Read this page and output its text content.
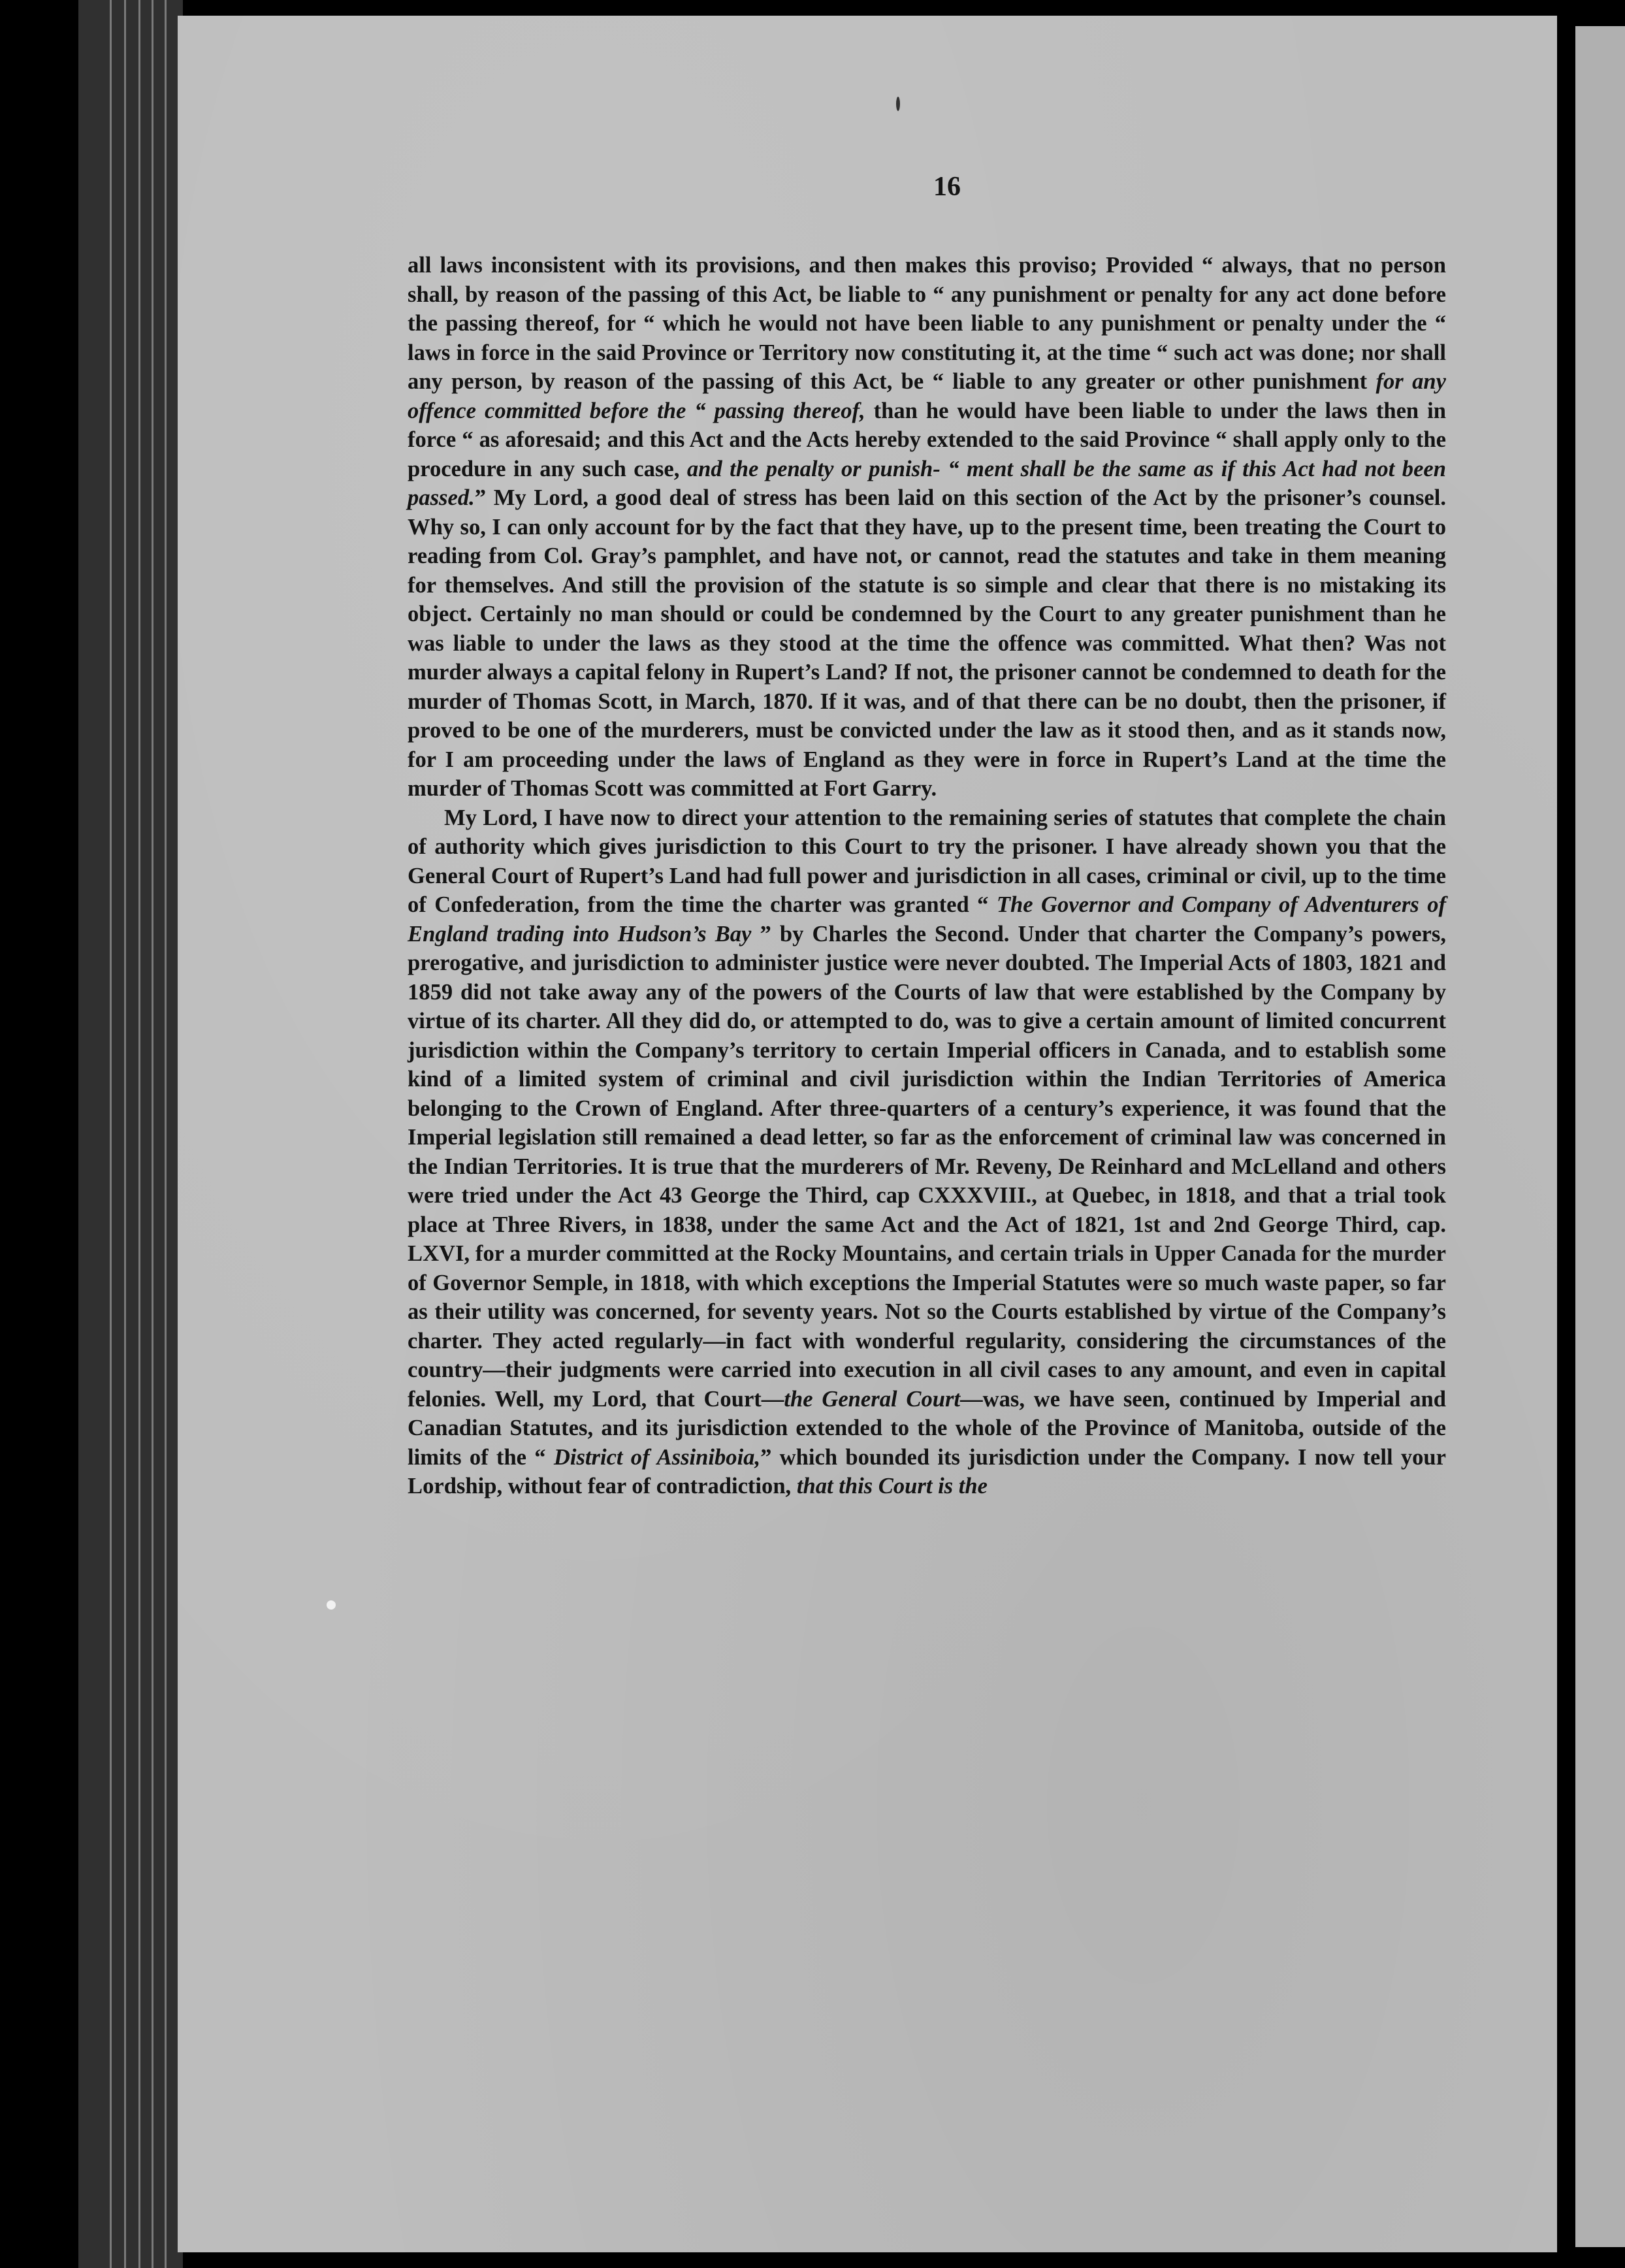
16

all laws inconsistent with its provisions, and then makes this proviso; Provided “ always, that no person shall, by reason of the passing of this Act, be liable to “ any punishment or penalty for any act done before the passing thereof, for “ which he would not have been liable to any punishment or penalty under the “ laws in force in the said Province or Territory now constituting it, at the time “ such act was done; nor shall any person, by reason of the passing of this Act, be “ liable to any greater or other punishment for any offence committed before the “ passing thereof, than he would have been liable to under the laws then in force “ as aforesaid; and this Act and the Acts hereby extended to the said Province “ shall apply only to the procedure in any such case, and the penalty or punish- “ ment shall be the same as if this Act had not been passed.” My Lord, a good deal of stress has been laid on this section of the Act by the prisoner’s counsel. Why so, I can only account for by the fact that they have, up to the present time, been treating the Court to reading from Col. Gray’s pamphlet, and have not, or cannot, read the statutes and take in them meaning for themselves. And still the provision of the statute is so simple and clear that there is no mistaking its object. Certainly no man should or could be condemned by the Court to any greater punishment than he was liable to under the laws as they stood at the time the offence was committed. What then? Was not murder always a capital felony in Rupert’s Land? If not, the prisoner cannot be condemned to death for the murder of Thomas Scott, in March, 1870. If it was, and of that there can be no doubt, then the prisoner, if proved to be one of the murderers, must be convicted under the law as it stood then, and as it stands now, for I am proceeding under the laws of England as they were in force in Rupert’s Land at the time the murder of Thomas Scott was committed at Fort Garry.

My Lord, I have now to direct your attention to the remaining series of statutes that complete the chain of authority which gives jurisdiction to this Court to try the prisoner. I have already shown you that the General Court of Rupert’s Land had full power and jurisdiction in all cases, criminal or civil, up to the time of Confederation, from the time the charter was granted “ The Governor and Company of Adventurers of England trading into Hudson’s Bay ” by Charles the Second. Under that charter the Company’s powers, prerogative, and jurisdiction to administer justice were never doubted. The Imperial Acts of 1803, 1821 and 1859 did not take away any of the powers of the Courts of law that were established by the Company by virtue of its charter. All they did do, or attempted to do, was to give a certain amount of limited concurrent jurisdiction within the Company’s territory to certain Imperial officers in Canada, and to establish some kind of a limited system of criminal and civil jurisdiction within the Indian Territories of America belonging to the Crown of England. After three-quarters of a century’s experience, it was found that the Imperial legislation still remained a dead letter, so far as the enforcement of criminal law was concerned in the Indian Territories. It is true that the murderers of Mr. Reveny, De Reinhard and McLelland and others were tried under the Act 43 George the Third, cap CXXXVIII., at Quebec, in 1818, and that a trial took place at Three Rivers, in 1838, under the same Act and the Act of 1821, 1st and 2nd George Third, cap. LXVI, for a murder committed at the Rocky Mountains, and certain trials in Upper Canada for the murder of Governor Semple, in 1818, with which exceptions the Imperial Statutes were so much waste paper, so far as their utility was concerned, for seventy years. Not so the Courts established by virtue of the Company’s charter. They acted regularly—in fact with wonderful regularity, considering the circumstances of the country—their judgments were carried into execution in all civil cases to any amount, and even in capital felonies. Well, my Lord, that Court—the General Court—was, we have seen, continued by Imperial and Canadian Statutes, and its jurisdiction extended to the whole of the Province of Manitoba, outside of the limits of the “ District of Assiniboia,” which bounded its jurisdiction under the Company. I now tell your Lordship, without fear of contradiction, that this Court is the
